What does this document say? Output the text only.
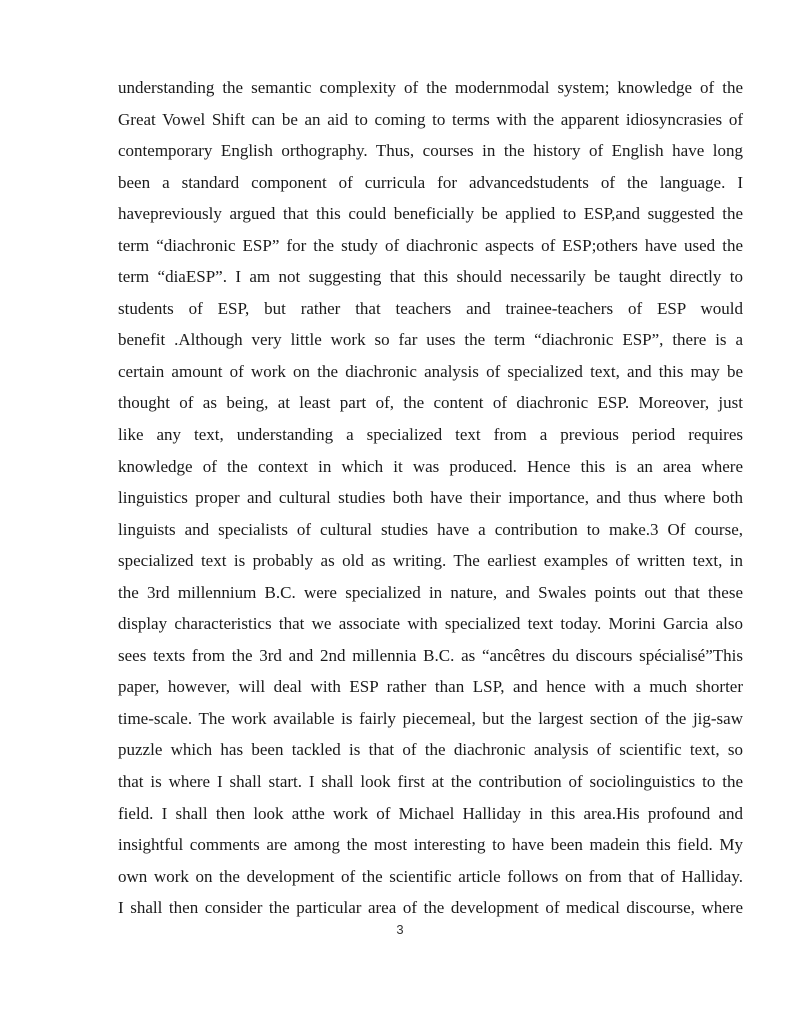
understanding the semantic complexity of the modernmodal system; knowledge of the
Great Vowel Shift can be an aid to coming to terms with the apparent idiosyncrasies of
contemporary English orthography. Thus, courses in the history of English have long
been a standard component of curricula for advancedstudents of the language. I
havepreviously argued that this could beneficially be applied to ESP,and suggested the
term “diachronic ESP” for the study of diachronic aspects of ESP;others have used the
term “diaESP”. I am not suggesting that this should necessarily be taught directly to
students of ESP, but rather that teachers and trainee-teachers of ESP would
benefit .Although very little work so far uses the term “diachronic ESP”, there is a
certain amount of work on the diachronic analysis of specialized text, and this may be
thought of as being, at least part of, the content of diachronic ESP. Moreover, just
like any text, understanding a specialized text from a previous period requires
knowledge of the context in which it was produced. Hence this is an area where
linguistics proper and cultural studies both have their importance, and thus where both
linguists and specialists of cultural studies have a contribution to make.3 Of course,
specialized text is probably as old as writing. The earliest examples of written text, in
the 3rd millennium B.C. were specialized in nature, and Swales points out that these
display characteristics that we associate with specialized text today. Morini Garcia also
sees texts from the 3rd and 2nd millennia B.C. as “ancêtres du discours spécialisé”This
paper, however, will deal with ESP rather than LSP, and hence with a much shorter
time-scale. The work available is fairly piecemeal, but the largest section of the jig-saw
puzzle which has been tackled is that of the diachronic analysis of scientific text, so
that is where I shall start. I shall look first at the contribution of sociolinguistics to the
field. I shall then look atthe work of Michael Halliday in this area.His profound and
insightful comments are among the most interesting to have been madein this field. My
own work on the development of the scientific article follows on from that of Halliday.
I shall then consider the particular area of the development of medical discourse, where
3
